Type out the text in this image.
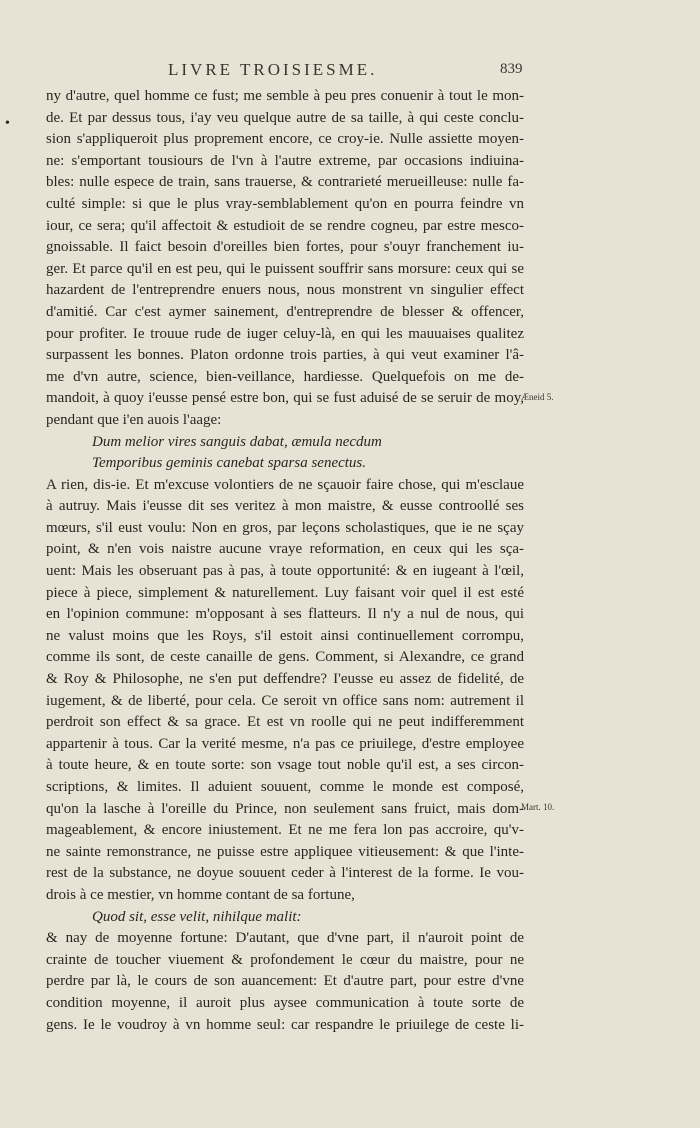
LIVRE TROISIESME.	839
•
ny d'autre, quel homme ce fust; me semble à peu pres conuenir à tout le mon-
de. Et par dessus tous, i'ay veu quelque autre de sa taille, à qui ceste conclu-
sion s'appliqueroit plus proprement encore, ce croy-ie. Nulle assiette moyen-
ne: s'emportant tousiours de l'vn à l'autre extreme, par occasions indiuina-
bles: nulle espece de train, sans trauerse, & contrarieté merueilleuse: nulle fa-
culté simple: si que le plus vray-semblablement qu'on en pourra feindre vn
iour, ce sera; qu'il affectoit & estudioit de se rendre cogneu, par estre mesco-
gnoissable. Il faict besoin d'oreilles bien fortes, pour s'ouyr franchement iu-
ger. Et parce qu'il en est peu, qui le puissent souffrir sans morsure: ceux qui se
hazardent de l'entreprendre enuers nous, nous monstrent vn singulier effect
d'amitié. Car c'est aymer sainement, d'entreprendre de blesser & offencer,
pour profiter. Ie trouue rude de iuger celuy-là, en qui les mauuaises qualitez
surpassent les bonnes. Platon ordonne trois parties, à qui veut examiner l'â-
me d'vn autre, science, bien-veillance, hardiesse. Quelquefois on me de-
mandoit, à quoy i'eusse pensé estre bon, qui se fust aduisé de se seruir de moy,
pendant que i'en auois l'aage:
Dum melior vires sanguis dabat, æmula necdum
Temporibus geminis canebat sparsa senectus.
A rien, dis-ie. Et m'excuse volontiers de ne sçauoir faire chose, qui m'esclaue
à autruy. Mais i'eusse dit ses veritez à mon maistre, & eusse controollé ses
mœurs, s'il eust voulu: Non en gros, par leçons scholastiques, que ie ne sçay
point, & n'en vois naistre aucune vraye reformation, en ceux qui les sça-
uent: Mais les obseruant pas à pas, à toute opportunité: & en iugeant à l'œil,
piece à piece, simplement & naturellement. Luy faisant voir quel il est esté
en l'opinion commune: m'opposant à ses flatteurs. Il n'y a nul de nous, qui
ne valust moins que les Roys, s'il estoit ainsi continuellement corrompu,
comme ils sont, de ceste canaille de gens. Comment, si Alexandre, ce grand
& Roy & Philosophe, ne s'en put deffendre? I'eusse eu assez de fidelité, de
iugement, & de liberté, pour cela. Ce seroit vn office sans nom: autrement il
perdroit son effect & sa grace. Et est vn roolle qui ne peut indifferemment
appartenir à tous. Car la verité mesme, n'a pas ce priuilege, d'estre employee
à toute heure, & en toute sorte: son vsage tout noble qu'il est, a ses circon-
scriptions, & limites. Il aduient souuent, comme le monde est composé,
qu'on la lasche à l'oreille du Prince, non seulement sans fruict, mais dom-
mageablement, & encore iniustement. Et ne me fera lon pas accroire, qu'v-
ne sainte remonstrance, ne puisse estre appliquee vitieusement: & que l'inte-
rest de la substance, ne doyue souuent ceder à l'interest de la forme. Ie vou-
drois à ce mestier, vn homme contant de sa fortune,
Quod sit, esse velit, nihilque malit:
& nay de moyenne fortune: D'autant, que d'vne part, il n'auroit point de
crainte de toucher viuement & profondement le cœur du maistre, pour ne
perdre par là, le cours de son auancement: Et d'autre part, pour estre d'vne
condition moyenne, il auroit plus aysee communication à toute sorte de
gens. Ie le voudroy à vn homme seul: car respandre le priuilege de ceste li-
Æneid 5.
Mart. 10.
